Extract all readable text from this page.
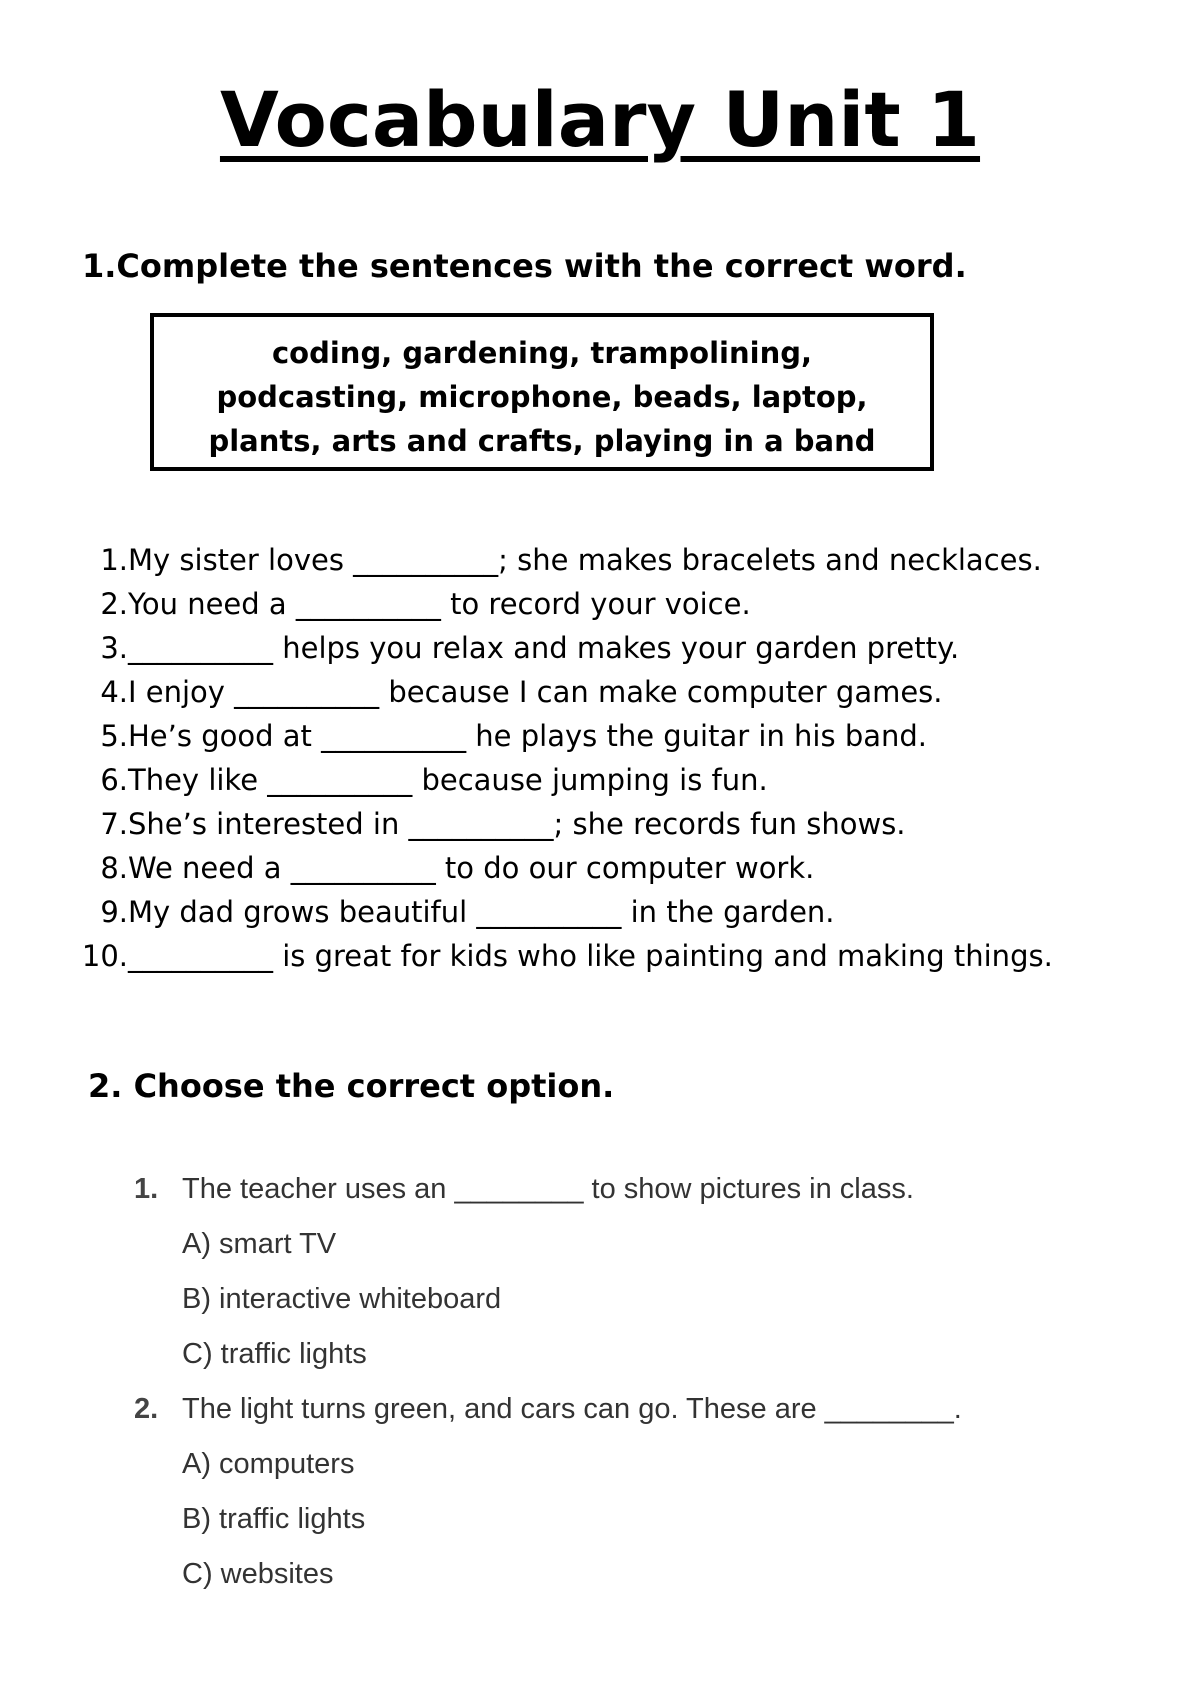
Vocabulary Unit 1
1.Complete the sentences with the correct word.
coding, gardening, trampolining, podcasting, microphone, beads, laptop, plants, arts and crafts, playing in a band
1. My sister loves __________; she makes bracelets and necklaces.
2. You need a __________ to record your voice.
3. __________ helps you relax and makes your garden pretty.
4. I enjoy __________ because I can make computer games.
5. He’s good at __________ he plays the guitar in his band.
6. They like __________ because jumping is fun.
7. She’s interested in __________; she records fun shows.
8. We need a __________ to do our computer work.
9. My dad grows beautiful __________ in the garden.
10. __________ is great for kids who like painting and making things.
2. Choose the correct option.
1. The teacher uses an ________ to show pictures in class.
A) smart TV
B) interactive whiteboard
C) traffic lights
2. The light turns green, and cars can go. These are ________.
A) computers
B) traffic lights
C) websites
